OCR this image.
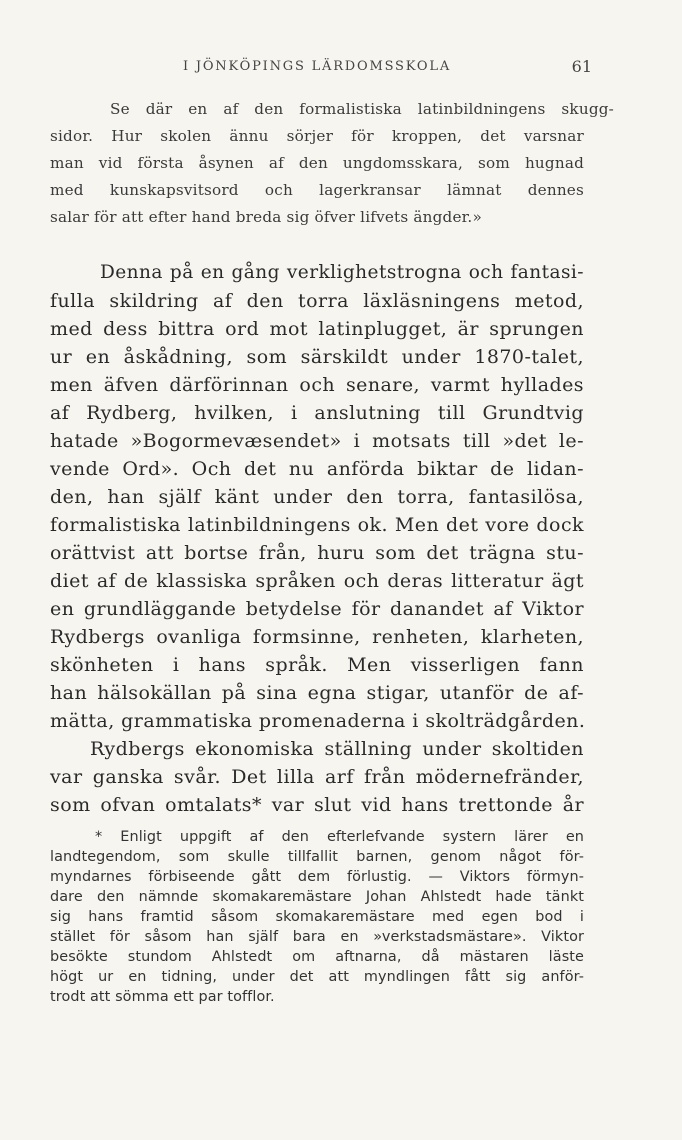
I JÖNKÖPINGS LÄRDOMSSKOLA	61
Se där en af den formalistiska latinbildningens skugg-
sidor. Hur skolen ännu sörjer för kroppen, det varsnar
man vid första åsynen af den ungdomsskara, som hugnad
med kunskapsvitsord och lagerkransar lämnat dennes
salar för att efter hand breda sig öfver lifvets ängder.»
Denna på en gång verklighetstrogna och fantasi-
fulla skildring af den torra läxläsningens metod,
med dess bittra ord mot latinplugget, är sprungen
ur en åskådning, som särskildt under 1870-talet,
men äfven därförinnan och senare, varmt hyllades
af Rydberg, hvilken, i anslutning till Grundtvig
hatade »Bogormevæsendet» i motsats till »det le-
vende Ord». Och det nu anförda biktar de lidan-
den, han själf känt under den torra, fantasilösa,
formalistiska latinbildningens ok. Men det vore dock
orättvist att bortse från, huru som det trägna stu-
diet af de klassiska språken och deras litteratur ägt
en grundläggande betydelse för danandet af Viktor
Rydbergs ovanliga formsinne, renheten, klarheten,
skönheten i hans språk. Men visserligen fann
han hälsokällan på sina egna stigar, utanför de af-
mätta, grammatiska promenaderna i skolträdgården.
Rydbergs ekonomiska ställning under skoltiden
var ganska svår. Det lilla arf från mödernefränder,
som ofvan omtalats* var slut vid hans trettonde år
* Enligt uppgift af den efterlefvande systern lärer en
landtegendom, som skulle tillfallit barnen, genom något för-
myndarnes förbiseende gått dem förlustig. — Viktors förmyn-
dare den nämnde skomakaremästare Johan Ahlstedt hade tänkt
sig hans framtid såsom skomakaremästare med egen bod i
stället för såsom han själf bara en »verkstadsmästare». Viktor
besökte stundom Ahlstedt om aftnarna, då mästaren läste
högt ur en tidning, under det att myndlingen fått sig anför-
trodt att sömma ett par tofflor.
